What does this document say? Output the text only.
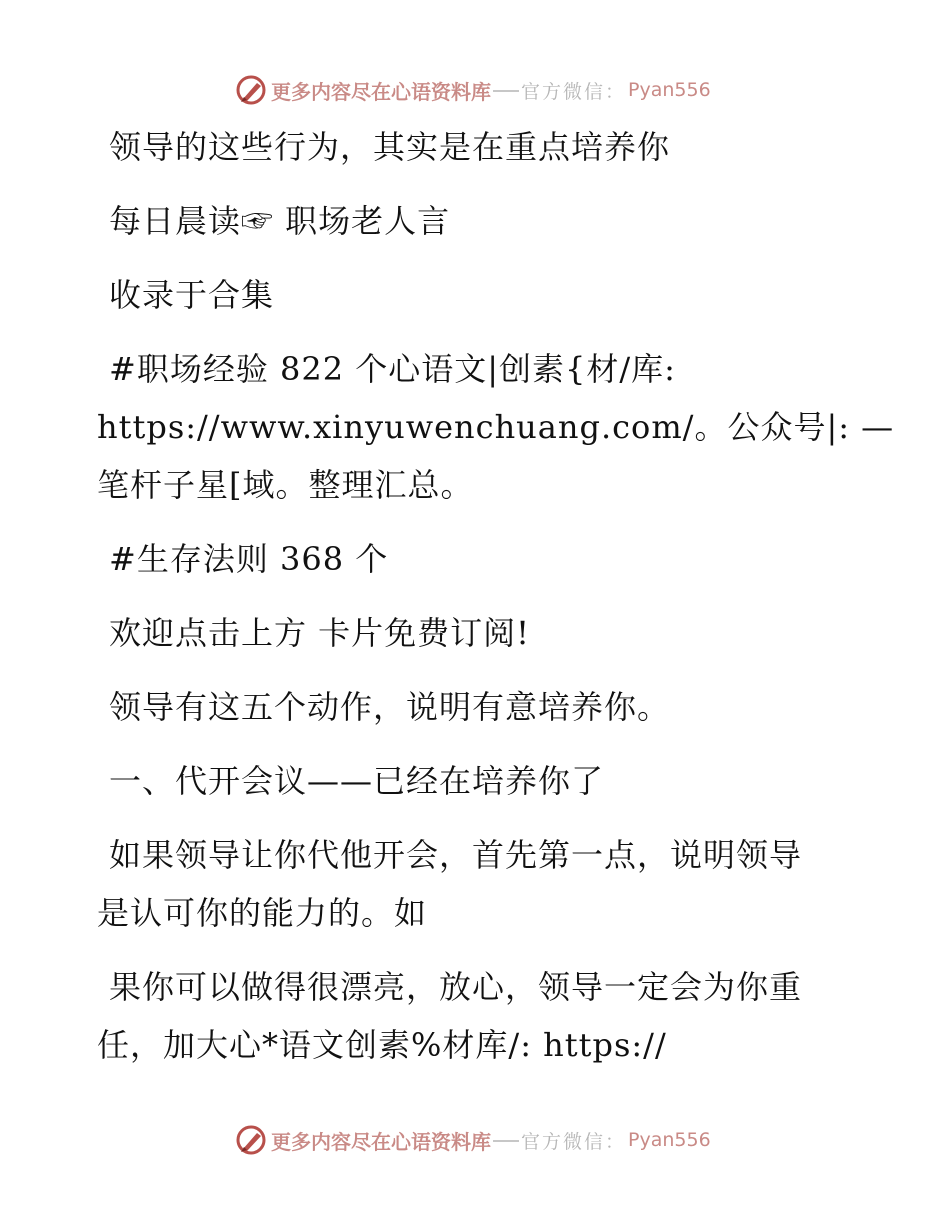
更多内容尽在心语资料库 官方微信： Pyan556

领导的这些行为，其实是在重点培养你

每日晨读☞ 职场老人言

收录于合集

#职场经验 822 个心语文|创素{材/库:

https://www.xinyuwenchuang.com/。公众号|: —

笔杆子星[域。整理汇总。

#生存法则 368 个

欢迎点击上方 卡片免费订阅!

领导有这五个动作，说明有意培养你。

一、代开会议——已经在培养你了

如果领导让你代他开会，首先第一点，说明领导

是认可你的能力的。如

果你可以做得很漂亮，放心，领导一定会为你重

任，加大心*语文创素%材库/: https://

更多内容尽在心语资料库 官方微信： Pyan556
